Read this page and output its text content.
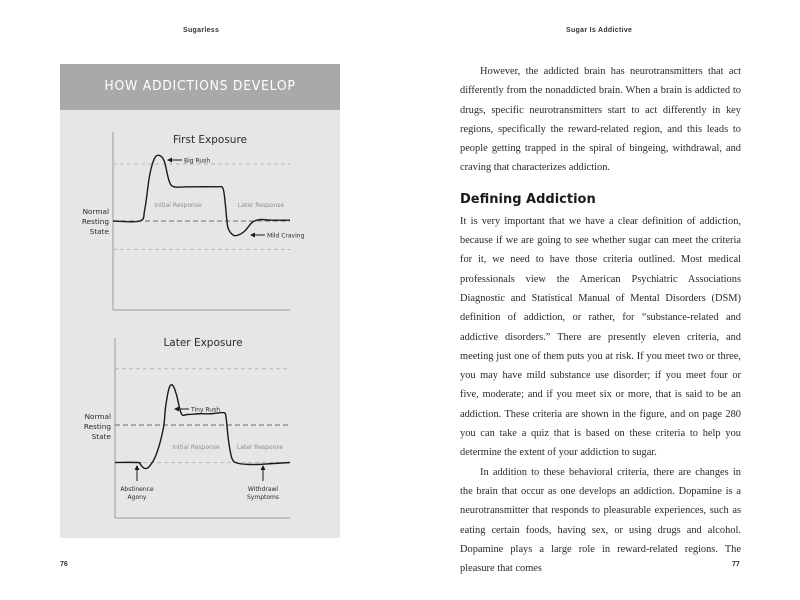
Sugarless
HOW ADDICTIONS DEVELOP
First Exposure
Normal
Resting
State
Initial Response	Later Response
Big Rush
Mild Craving
Later Exposure
Normal
Resting
State
Initial Response	Later Response
Tiny Rush
Abstinence
Agony
Withdrawl
Symptoms
76
Sugar Is Addictive

However, the addicted brain has neurotransmitters that act differently from the nonaddicted brain. When a brain is addicted to drugs, specific neurotransmitters start to act differently in key regions, specifically the reward-related region, and this leads to people getting trapped in the spiral of bingeing, withdrawal, and craving that characterizes addiction.

Defining Addiction

It is very important that we have a clear definition of addiction, because if we are going to see whether sugar can meet the criteria for it, we need to have those criteria outlined. Most medical professionals view the American Psychiatric Associations Diagnostic and Statistical Manual of Mental Disorders (DSM) definition of addiction, or rather, for “substance-related and addictive disorders.” There are presently eleven criteria, and meeting just one of them puts you at risk. If you meet two or three, you may have mild substance use disorder; if you meet four or five, moderate; and if you meet six or more, that is said to be an addiction. These criteria are shown in the figure, and on page 280 you can take a quiz that is based on these criteria to help you determine the extent of your addiction to sugar.

In addition to these behavioral criteria, there are changes in the brain that occur as one develops an addiction. Dopamine is a neurotransmitter that responds to pleasurable experiences, such as eating certain foods, having sex, or using drugs and alcohol. Dopamine plays a large role in reward-related regions. The pleasure that comes	77
